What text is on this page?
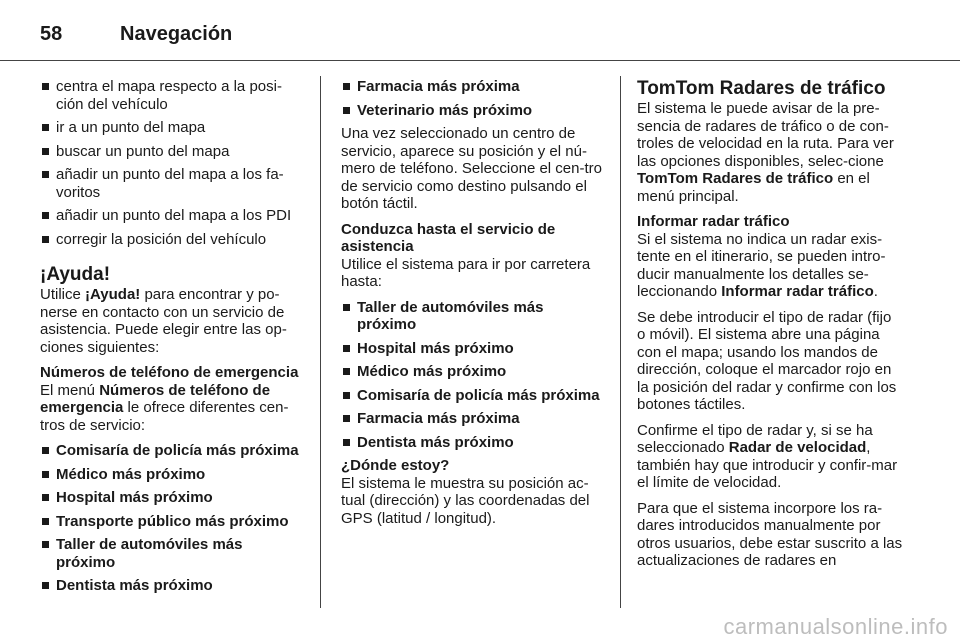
58	Navegación
centra el mapa respecto a la posi-ción del vehículo
ir a un punto del mapa
buscar un punto del mapa
añadir un punto del mapa a los fa-voritos
añadir un punto del mapa a los PDI
corregir la posición del vehículo
¡Ayuda!

Utilice ¡Ayuda! para encontrar y po-nerse en contacto con un servicio de asistencia. Puede elegir entre las op-ciones siguientes:

Números de teléfono de emergencia

El menú Números de teléfono de emergencia le ofrece diferentes cen-tros de servicio:

Comisaría de policía más próxima
Médico más próximo
Hospital más próximo
Transporte público más próximo
Taller de automóviles más próximo
Dentista más próximo
Farmacia más próxima
Veterinario más próximo

Una vez seleccionado un centro de servicio, aparece su posición y el nú-mero de teléfono. Seleccione el cen-tro de servicio como destino pulsando el botón táctil.

Conduzca hasta el servicio de asistencia

Utilice el sistema para ir por carretera hasta:

Taller de automóviles más próximo
Hospital más próximo
Médico más próximo
Comisaría de policía más próxima
Farmacia más próxima
Dentista más próximo
¿Dónde estoy?

El sistema le muestra su posición ac-tual (dirección) y las coordenadas del GPS (latitud / longitud).

TomTom Radares de tráfico

El sistema le puede avisar de la pre-sencia de radares de tráfico o de con-troles de velocidad en la ruta. Para ver las opciones disponibles, selec-cione TomTom Radares de tráfico en el menú principal.

Informar radar tráfico

Si el sistema no indica un radar exis-tente en el itinerario, se pueden intro-ducir manualmente los detalles se-leccionando Informar radar tráfico.

Se debe introducir el tipo de radar (fijo o móvil). El sistema abre una página con el mapa; usando los mandos de dirección, coloque el marcador rojo en la posición del radar y confirme con los botones táctiles.

Confirme el tipo de radar y, si se ha seleccionado Radar de velocidad, también hay que introducir y confir-mar el límite de velocidad.

Para que el sistema incorpore los ra-dares introducidos manualmente por otros usuarios, debe estar suscrito a las actualizaciones de radares en

carmanualsonline.info
